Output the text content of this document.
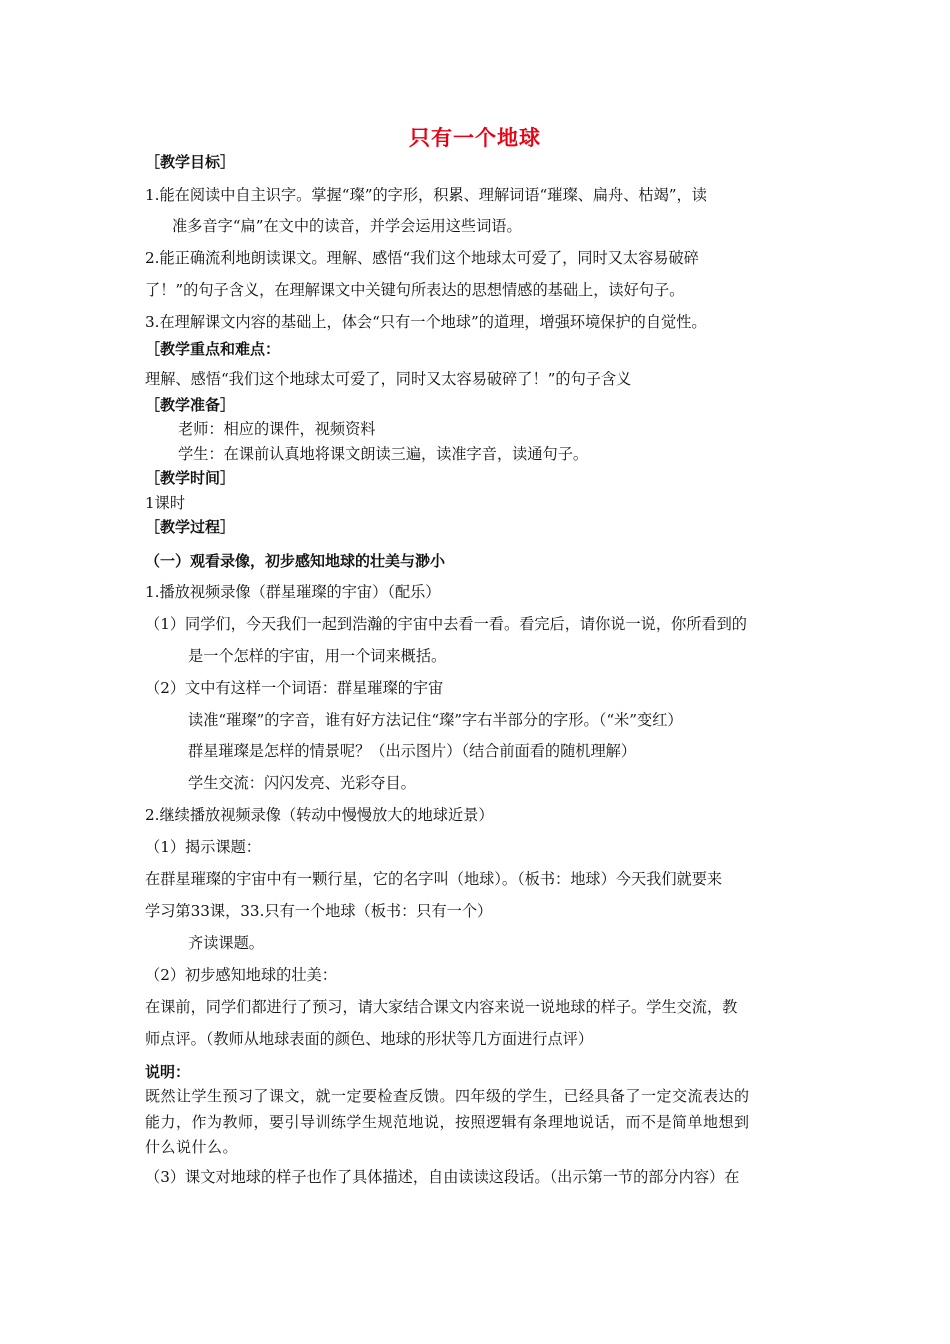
只有一个地球
［教学目标］
1.能在阅读中自主识字。掌握“璨”的字形，积累、理解词语“璀璨、扁舟、枯竭”，读
准多音字“扁”在文中的读音，并学会运用这些词语。
2.能正确流利地朗读课文。理解、感悟“我们这个地球太可爱了，同时又太容易破碎
了！”的句子含义，在理解课文中关键句所表达的思想情感的基础上，读好句子。
3.在理解课文内容的基础上，体会“只有一个地球”的道理，增强环境保护的自觉性。
［教学重点和难点：
理解、感悟“我们这个地球太可爱了，同时又太容易破碎了！”的句子含义
［教学准备］
老师：相应的课件，视频资料
学生：在课前认真地将课文朗读三遍，读准字音，读通句子。
［教学时间］
1课时
［教学过程］
（一）观看录像，初步感知地球的壮美与渺小
1.播放视频录像（群星璀璨的宇宙）（配乐）
（1）同学们，今天我们一起到浩瀚的宇宙中去看一看。看完后，请你说一说，你所看到的
是一个怎样的宇宙，用一个词来概括。
（2）文中有这样一个词语：群星璀璨的宇宙
读准“璀璨”的字音，谁有好方法记住“璨”字右半部分的字形。（“米”变红）
群星璀璨是怎样的情景呢？（出示图片）（结合前面看的随机理解）
学生交流：闪闪发亮、光彩夺目。
2.继续播放视频录像（转动中慢慢放大的地球近景）
（1）揭示课题：
在群星璀璨的宇宙中有一颗行星，它的名字叫（地球）。（板书：地球）今天我们就要来
学习第33课，33.只有一个地球（板书：只有一个）
齐读课题。
（2）初步感知地球的壮美：
在课前，同学们都进行了预习，请大家结合课文内容来说一说地球的样子。学生交流，教
师点评。（教师从地球表面的颜色、地球的形状等几方面进行点评）
说明：
既然让学生预习了课文，就一定要检查反馈。四年级的学生，已经具备了一定交流表达的
能力，作为教师，要引导训练学生规范地说，按照逻辑有条理地说话，而不是简单地想到
什么说什么。
（3）课文对地球的样子也作了具体描述，自由读读这段话。（出示第一节的部分内容）在
